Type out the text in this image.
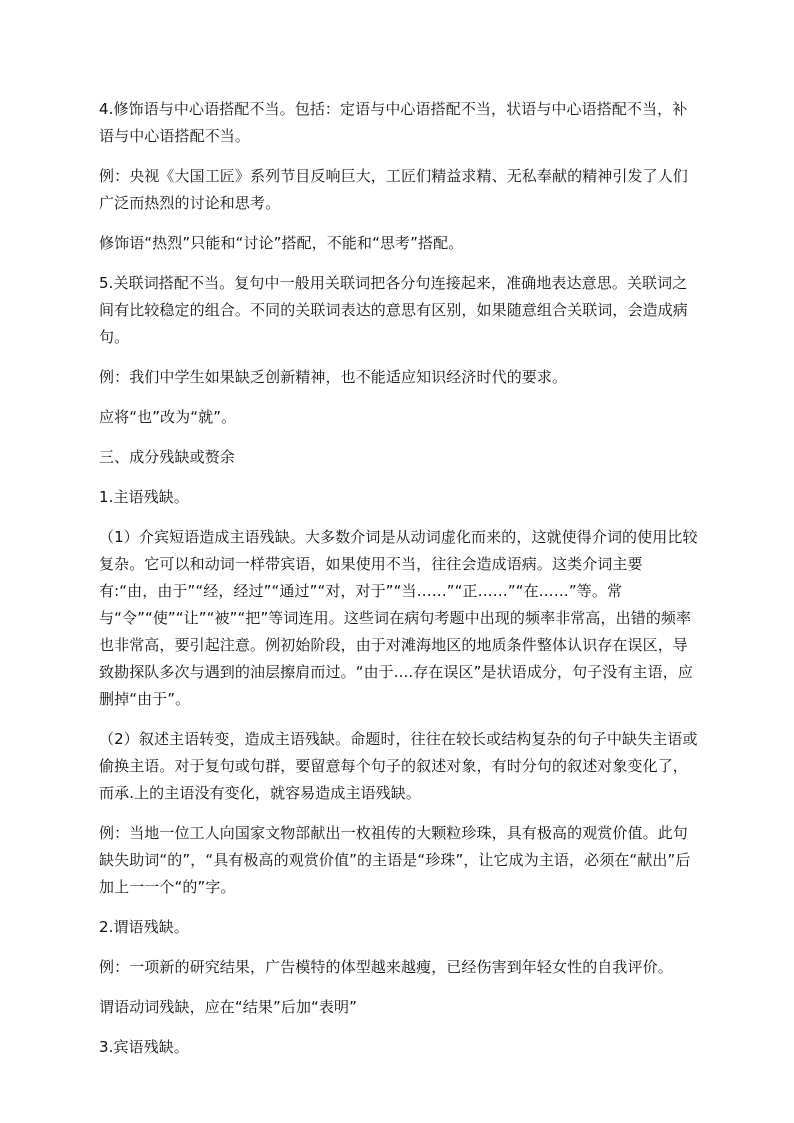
4.修饰语与中心语搭配不当。包括：定语与中心语搭配不当，状语与中心语搭配不当，补语与中心语搭配不当。

例：央视《大国工匠》系列节目反响巨大，工匠们精益求精、无私奉献的精神引发了人们广泛而热烈的讨论和思考。

修饰语“热烈”只能和“讨论”搭配，不能和“思考”搭配。

5.关联词搭配不当。复句中一般用关联词把各分句连接起来，准确地表达意思。关联词之间有比较稳定的组合。不同的关联词表达的意思有区别，如果随意组合关联词，会造成病句。

例：我们中学生如果缺乏创新精神，也不能适应知识经济时代的要求。

应将“也”改为“就”。

三、成分残缺或赘余

1.主语残缺。

（1）介宾短语造成主语残缺。大多数介词是从动词虚化而来的，这就使得介词的使用比较复杂。它可以和动词一样带宾语，如果使用不当，往往会造成语病。这类介词主要有:“由，由于”“经，经过”“通过”“对，对于”“当……”“正……”“在……”等。常与“令”“使”“让”“被”“把”等词连用。这些词在病句考题中出现的频率非常高，出错的频率也非常高，要引起注意。例初始阶段，由于对滩海地区的地质条件整体认识存在误区，导致勘探队多次与遇到的油层擦肩而过。“由于....存在误区”是状语成分，句子没有主语，应删掉“由于”。

（2）叙述主语转变，造成主语残缺。命题时，往往在较长或结构复杂的句子中缺失主语或偷换主语。对于复句或句群，要留意每个句子的叙述对象，有时分句的叙述对象变化了，而承.上的主语没有变化，就容易造成主语残缺。

例：当地一位工人向国家文物部献出一枚祖传的大颗粒珍珠，具有极高的观赏价值。此句缺失助词“的”，“具有极高的观赏价值”的主语是“珍珠”，让它成为主语，必须在“献出”后加上一一个“的”字。

2.谓语残缺。

例：一项新的研究结果，广告模特的体型越来越瘦，已经伤害到年轻女性的自我评价。

谓语动词残缺，应在“结果”后加“表明”

3.宾语残缺。
